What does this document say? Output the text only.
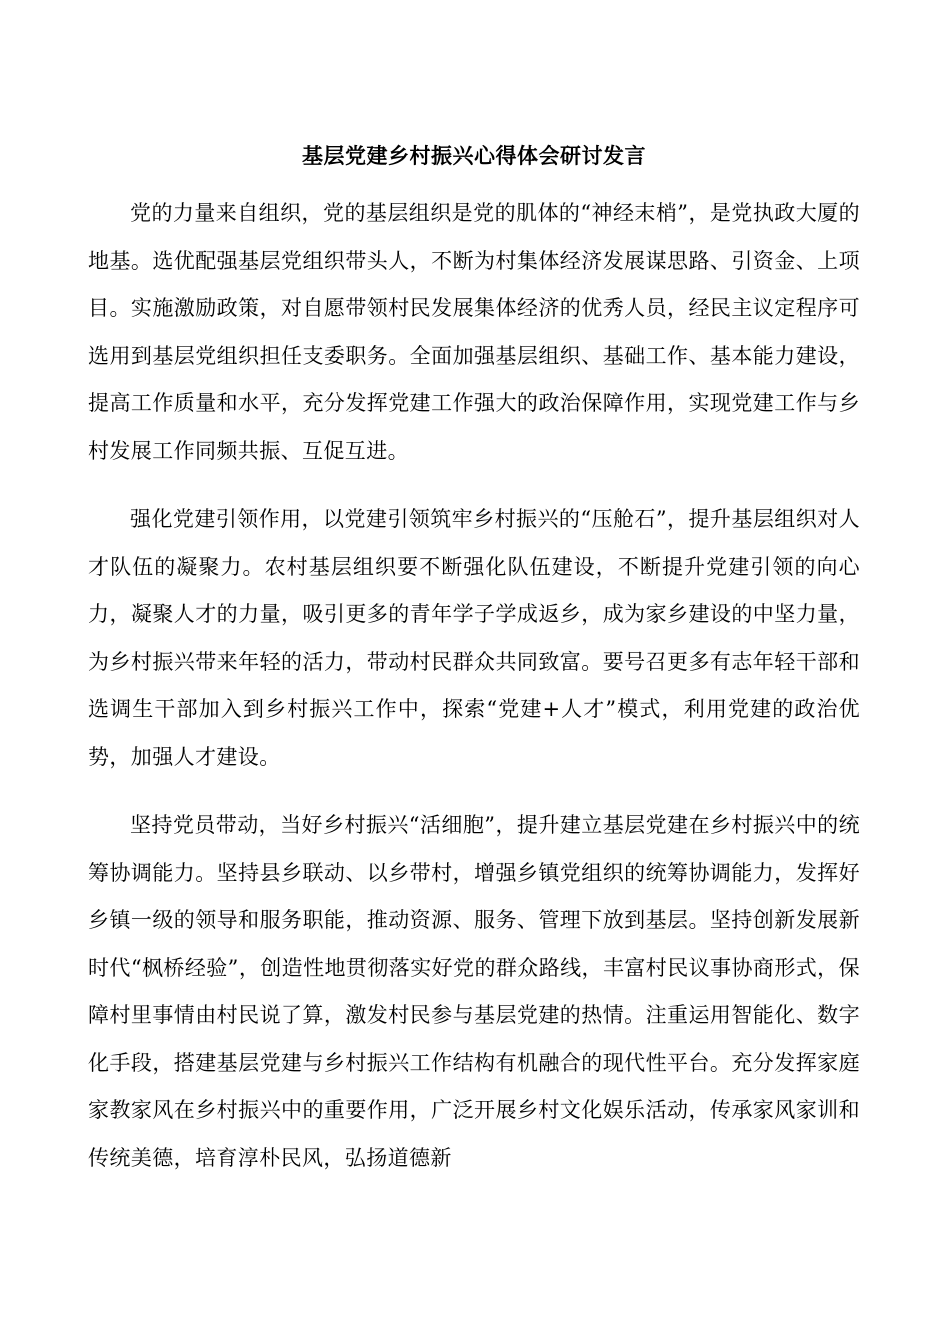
基层党建乡村振兴心得体会研讨发言

党的力量来自组织，党的基层组织是党的肌体的“神经末梢”，是党执政大厦的地基。选优配强基层党组织带头人，不断为村集体经济发展谋思路、引资金、上项目。实施激励政策，对自愿带领村民发展集体经济的优秀人员，经民主议定程序可选用到基层党组织担任支委职务。全面加强基层组织、基础工作、基本能力建设，提高工作质量和水平，充分发挥党建工作强大的政治保障作用，实现党建工作与乡村发展工作同频共振、互促互进。

强化党建引领作用，以党建引领筑牢乡村振兴的“压舱石”，提升基层组织对人才队伍的凝聚力。农村基层组织要不断强化队伍建设，不断提升党建引领的向心力，凝聚人才的力量，吸引更多的青年学子学成返乡，成为家乡建设的中坚力量，为乡村振兴带来年轻的活力，带动村民群众共同致富。要号召更多有志年轻干部和选调生干部加入到乡村振兴工作中，探索“党建+人才”模式，利用党建的政治优势，加强人才建设。

坚持党员带动，当好乡村振兴“活细胞”，提升建立基层党建在乡村振兴中的统筹协调能力。坚持县乡联动、以乡带村，增强乡镇党组织的统筹协调能力，发挥好乡镇一级的领导和服务职能，推动资源、服务、管理下放到基层。坚持创新发展新时代“枫桥经验”，创造性地贯彻落实好党的群众路线，丰富村民议事协商形式，保障村里事情由村民说了算，激发村民参与基层党建的热情。注重运用智能化、数字化手段，搭建基层党建与乡村振兴工作结构有机融合的现代性平台。充分发挥家庭家教家风在乡村振兴中的重要作用，广泛开展乡村文化娱乐活动，传承家风家训和传统美德，培育淳朴民风，弘扬道德新
